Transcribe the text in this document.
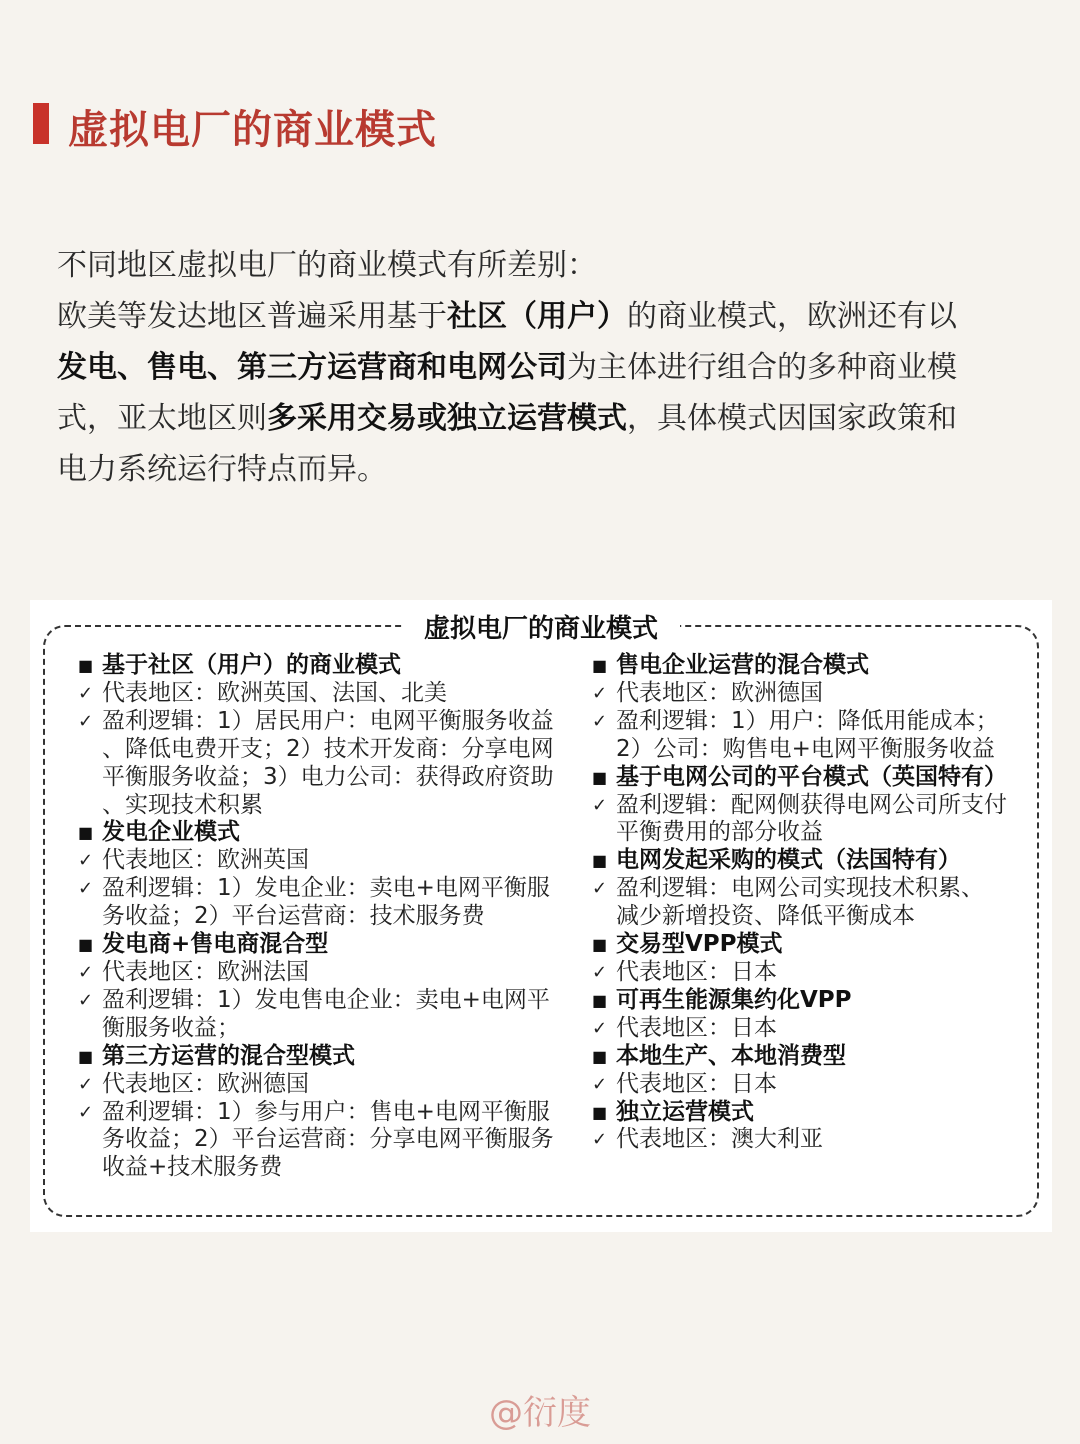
虚拟电厂的商业模式
不同地区虚拟电厂的商业模式有所差别：
欧美等发达地区普遍采用基于社区（用户）的商业模式，欧洲还有以
发电、售电、第三方运营商和电网公司为主体进行组合的多种商业模
式，亚太地区则多采用交易或独立运营模式，具体模式因国家政策和
电力系统运行特点而异。
虚拟电厂的商业模式
■ 基于社区（用户）的商业模式
✓ 代表地区：欧洲英国、法国、北美
✓ 盈利逻辑：1）居民用户：电网平衡服务收益
、降低电费开支；2）技术开发商：分享电网
平衡服务收益；3）电力公司：获得政府资助
、实现技术积累
■ 发电企业模式
✓ 代表地区：欧洲英国
✓ 盈利逻辑：1）发电企业：卖电+电网平衡服
务收益；2）平台运营商：技术服务费
■ 发电商+售电商混合型
✓ 代表地区：欧洲法国
✓ 盈利逻辑：1）发电售电企业：卖电+电网平
衡服务收益；
■ 第三方运营的混合型模式
✓ 代表地区：欧洲德国
✓ 盈利逻辑：1）参与用户：售电+电网平衡服
务收益；2）平台运营商：分享电网平衡服务
收益+技术服务费
■ 售电企业运营的混合模式
✓ 代表地区：欧洲德国
✓ 盈利逻辑：1）用户：降低用能成本；
2）公司：购售电+电网平衡服务收益
■ 基于电网公司的平台模式（英国特有）
✓ 盈利逻辑：配网侧获得电网公司所支付
平衡费用的部分收益
■ 电网发起采购的模式（法国特有）
✓ 盈利逻辑：电网公司实现技术积累、
减少新增投资、降低平衡成本
■ 交易型VPP模式
✓ 代表地区：日本
■ 可再生能源集约化VPP
✓ 代表地区：日本
■ 本地生产、本地消费型
✓ 代表地区：日本
■ 独立运营模式
✓ 代表地区：澳大利亚
@衍度
